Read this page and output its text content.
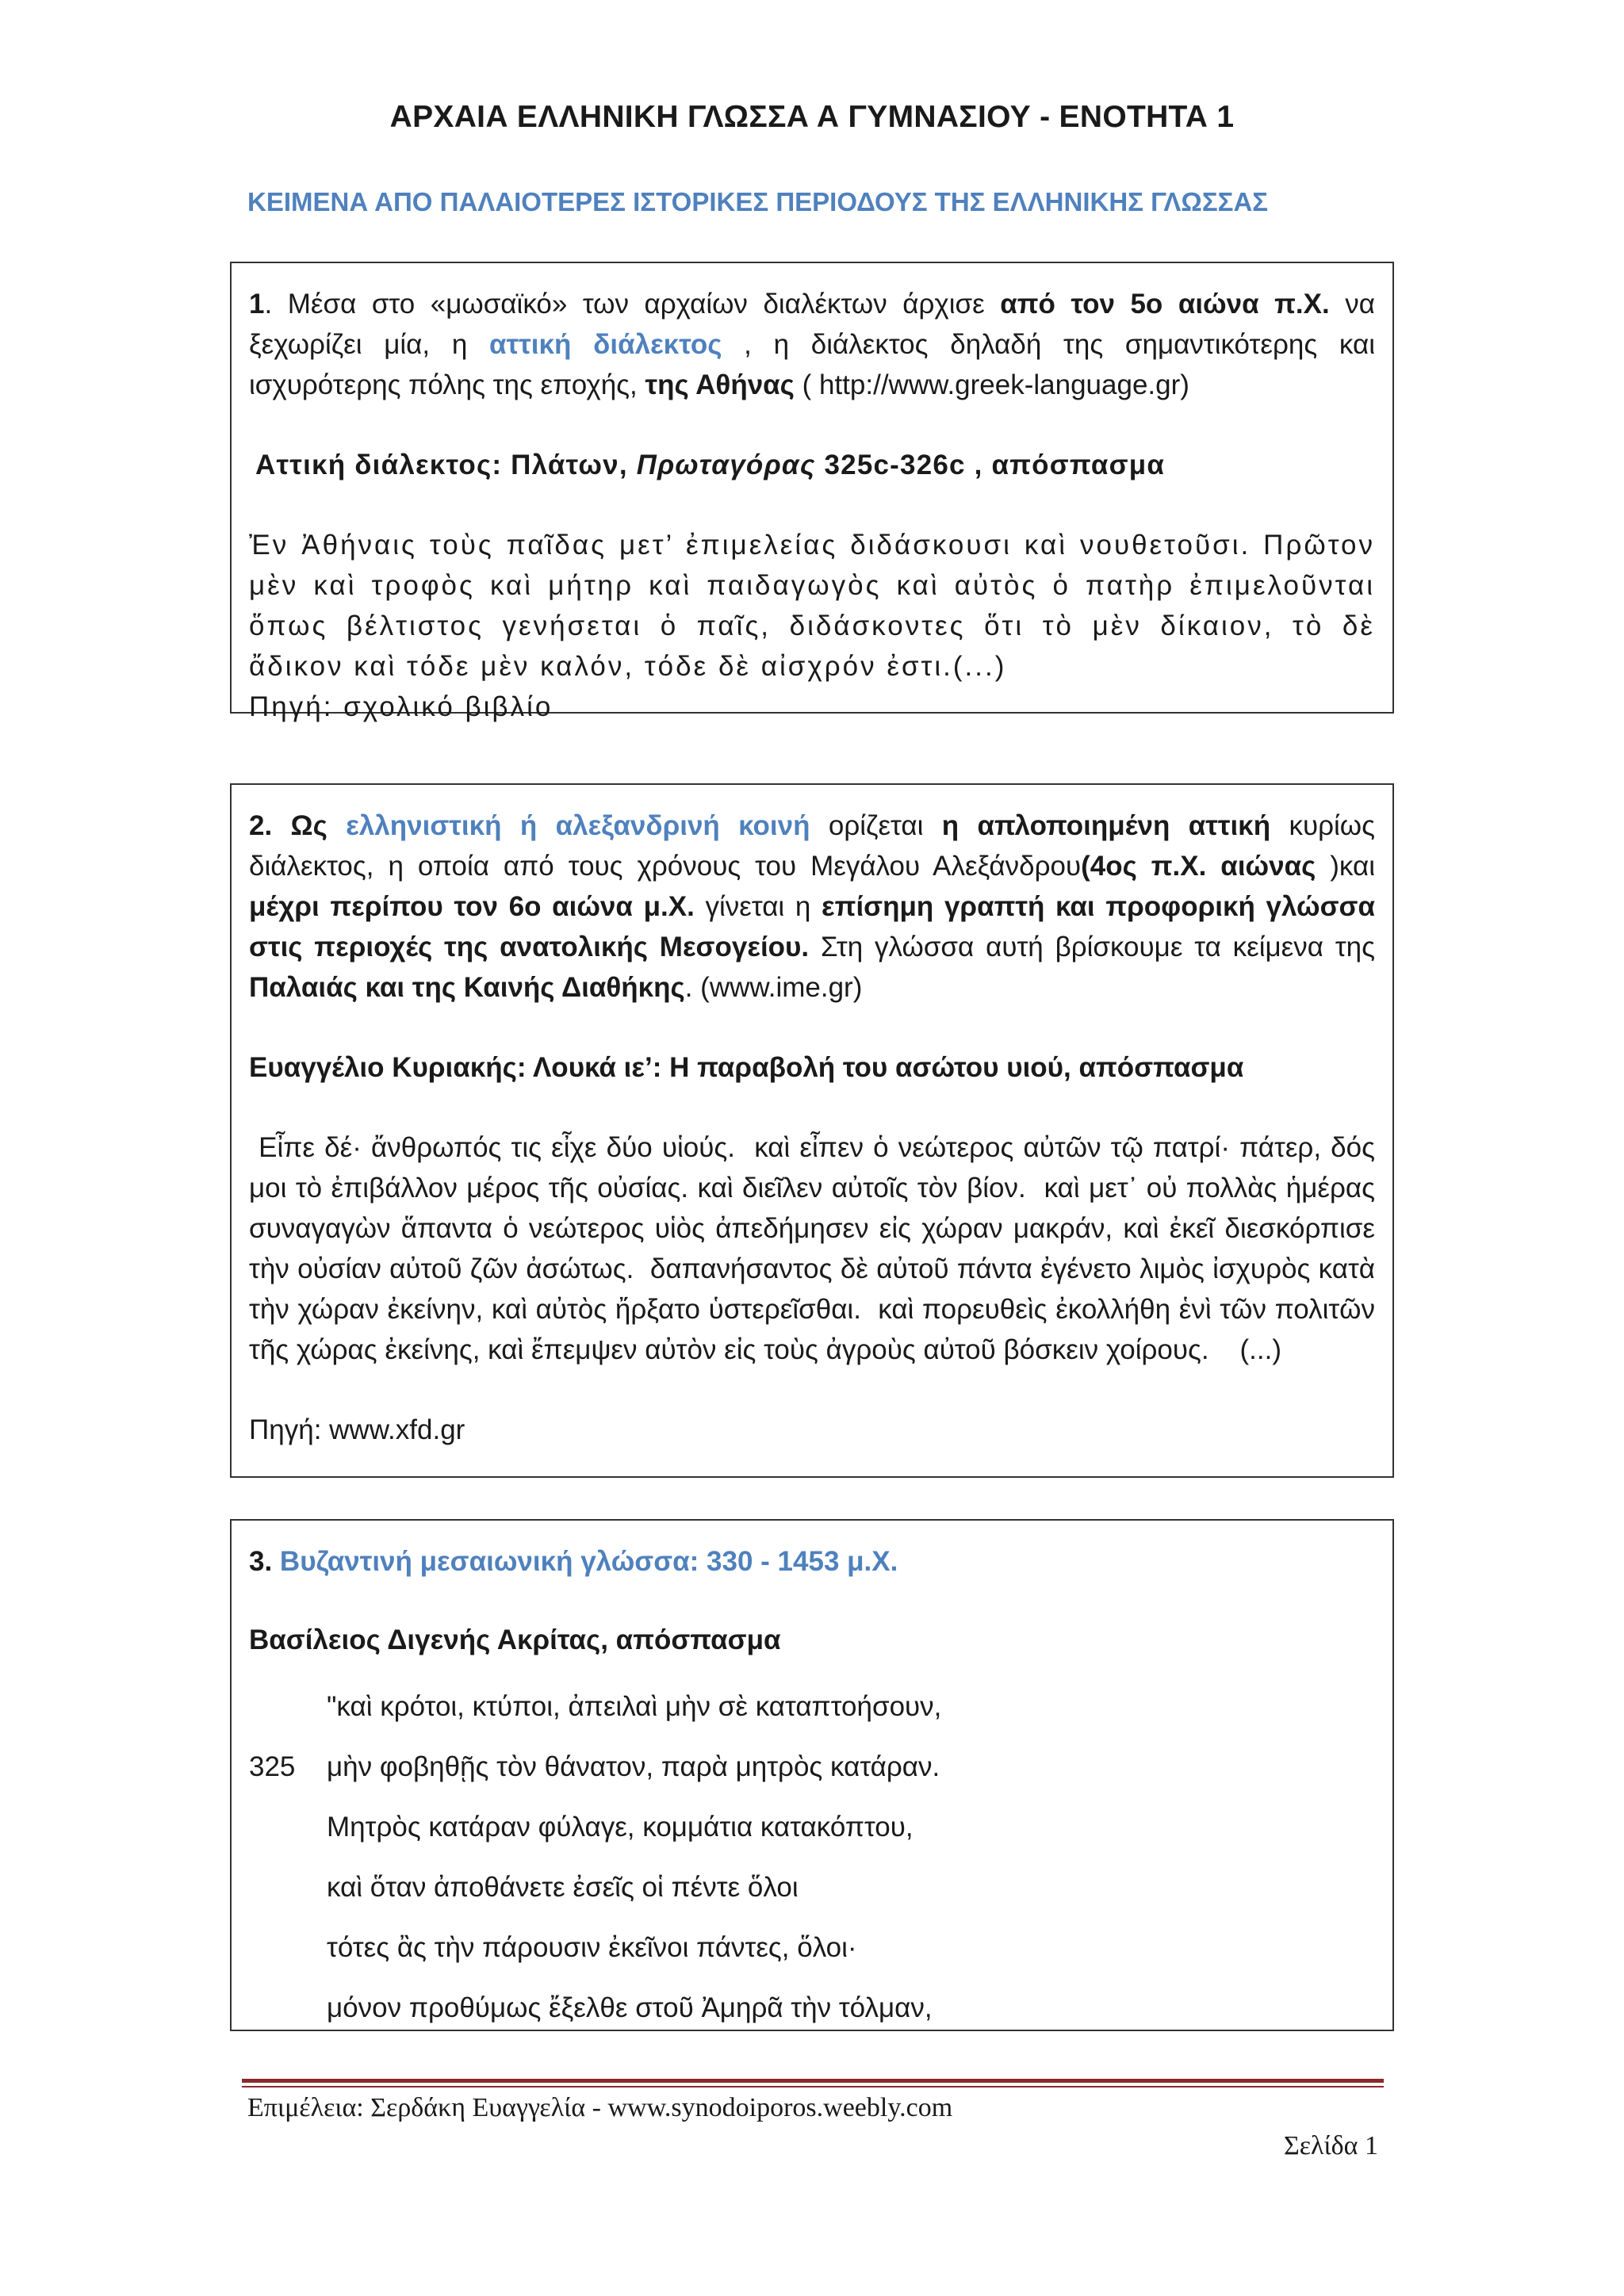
ΑΡΧΑΙΑ ΕΛΛΗΝΙΚΗ ΓΛΩΣΣΑ Α ΓΥΜΝΑΣΙΟΥ - ΕΝΟΤΗΤΑ 1
ΚΕΙΜΕΝΑ ΑΠΟ ΠΑΛΑΙΟΤΕΡΕΣ ΙΣΤΟΡΙΚΕΣ ΠΕΡΙΟΔΟΥΣ ΤΗΣ ΕΛΛΗΝΙΚΗΣ ΓΛΩΣΣΑΣ

1. Μέσα στο «μωσαϊκό» των αρχαίων διαλέκτων άρχισε από τον 5ο αιώνα π.Χ. να ξεχωρίζει μία, η αττική διάλεκτος , η διάλεκτος δηλαδή της σημαντικότερης και ισχυρότερης πόλης της εποχής, της Αθήνας ( http://www.greek-language.gr)

Αττική διάλεκτος: Πλάτων, Πρωταγόρας 325c-326c , απόσπασμα

Ἐν Ἀθήναις τοὺς παῖδας μετ’ ἐπιμελείας διδάσκουσι καὶ νουθετοῦσι. Πρῶτον μὲν καὶ τροφὸς καὶ μήτηρ καὶ παιδαγωγὸς καὶ αὐτὸς ὁ πατὴρ ἐπιμελοῦνται ὅπως βέλτιστος γενήσεται ὁ παῖς, διδάσκοντες ὅτι τὸ μὲν δίκαιον, τὸ δὲ ἄδικον καὶ τόδε μὲν καλόν, τόδε δὲ αἰσχρόν ἐστι.(...)

Πηγή: σχολικό βιβλίο

2. Ως ελληνιστική ή αλεξανδρινή κοινή ορίζεται η απλοποιημένη αττική κυρίως διάλεκτος, η οποία από τους χρόνους του Μεγάλου Αλεξάνδρου(4ος π.Χ. αιώνας )και μέχρι περίπου τον 6ο αιώνα μ.Χ. γίνεται η επίσημη γραπτή και προφορική γλώσσα στις περιοχές της ανατολικής Μεσογείου. Στη γλώσσα αυτή βρίσκουμε τα κείμενα της Παλαιάς και της Καινής Διαθήκης. (www.ime.gr)

Ευαγγέλιο Κυριακής: Λουκά ιε’: Η παραβολή του ασώτου υιού, απόσπασμα

Εἶπε δέ· ἄνθρωπός τις εἶχε δύο υἱούς.  καὶ εἶπεν ὁ νεώτερος αὐτῶν τῷ πατρί· πάτερ, δός μοι τὸ ἐπιβάλλον μέρος τῆς οὐσίας. καὶ διεῖλεν αὐτοῖς τὸν βίον.  καὶ μετ᾿ οὐ πολλὰς ἡμέρας συναγαγὼν ἅπαντα ὁ νεώτερος υἱὸς ἀπεδήμησεν εἰς χώραν μακράν, καὶ ἐκεῖ διεσκόρπισε τὴν οὐσίαν αὐτοῦ ζῶν ἀσώτως.  δαπανήσαντος δὲ αὐτοῦ πάντα ἐγένετο λιμὸς ἰσχυρὸς κατὰ τὴν χώραν ἐκείνην, καὶ αὐτὸς ἤρξατο ὑστερεῖσθαι.  καὶ πορευθεὶς ἐκολλήθη ἑνὶ τῶν πολιτῶν τῆς χώρας ἐκείνης, καὶ ἔπεμψεν αὐτὸν εἰς τοὺς ἀγροὺς αὐτοῦ βόσκειν χοίρους.    (...)

Πηγή: www.xfd.gr

3. Βυζαντινή μεσαιωνική γλώσσα: 330 - 1453 μ.Χ.

Βασίλειος Διγενής Ακρίτας, απόσπασμα

"καὶ κρότοι, κτύποι, ἀπειλαὶ μὴν σὲ καταπτοήσουν,
325	μὴν φοβηθῇς τὸν θάνατον, παρὰ μητρὸς κατάραν.
Μητρὸς κατάραν φύλαγε, κομμάτια κατακόπτου,
καὶ ὅταν ἀποθάνετε ἐσεῖς οἱ πέντε ὅλοι
τότες ἂς τὴν πάρουσιν ἐκεῖνοι πάντες, ὅλοι·
μόνον προθύμως ἔξελθε στοῦ Ἀμηρᾶ τὴν τόλμαν,
Επιμέλεια: Σερδάκη Ευαγγελία - www.synodoiporos.weebly.com
Σελίδα 1
